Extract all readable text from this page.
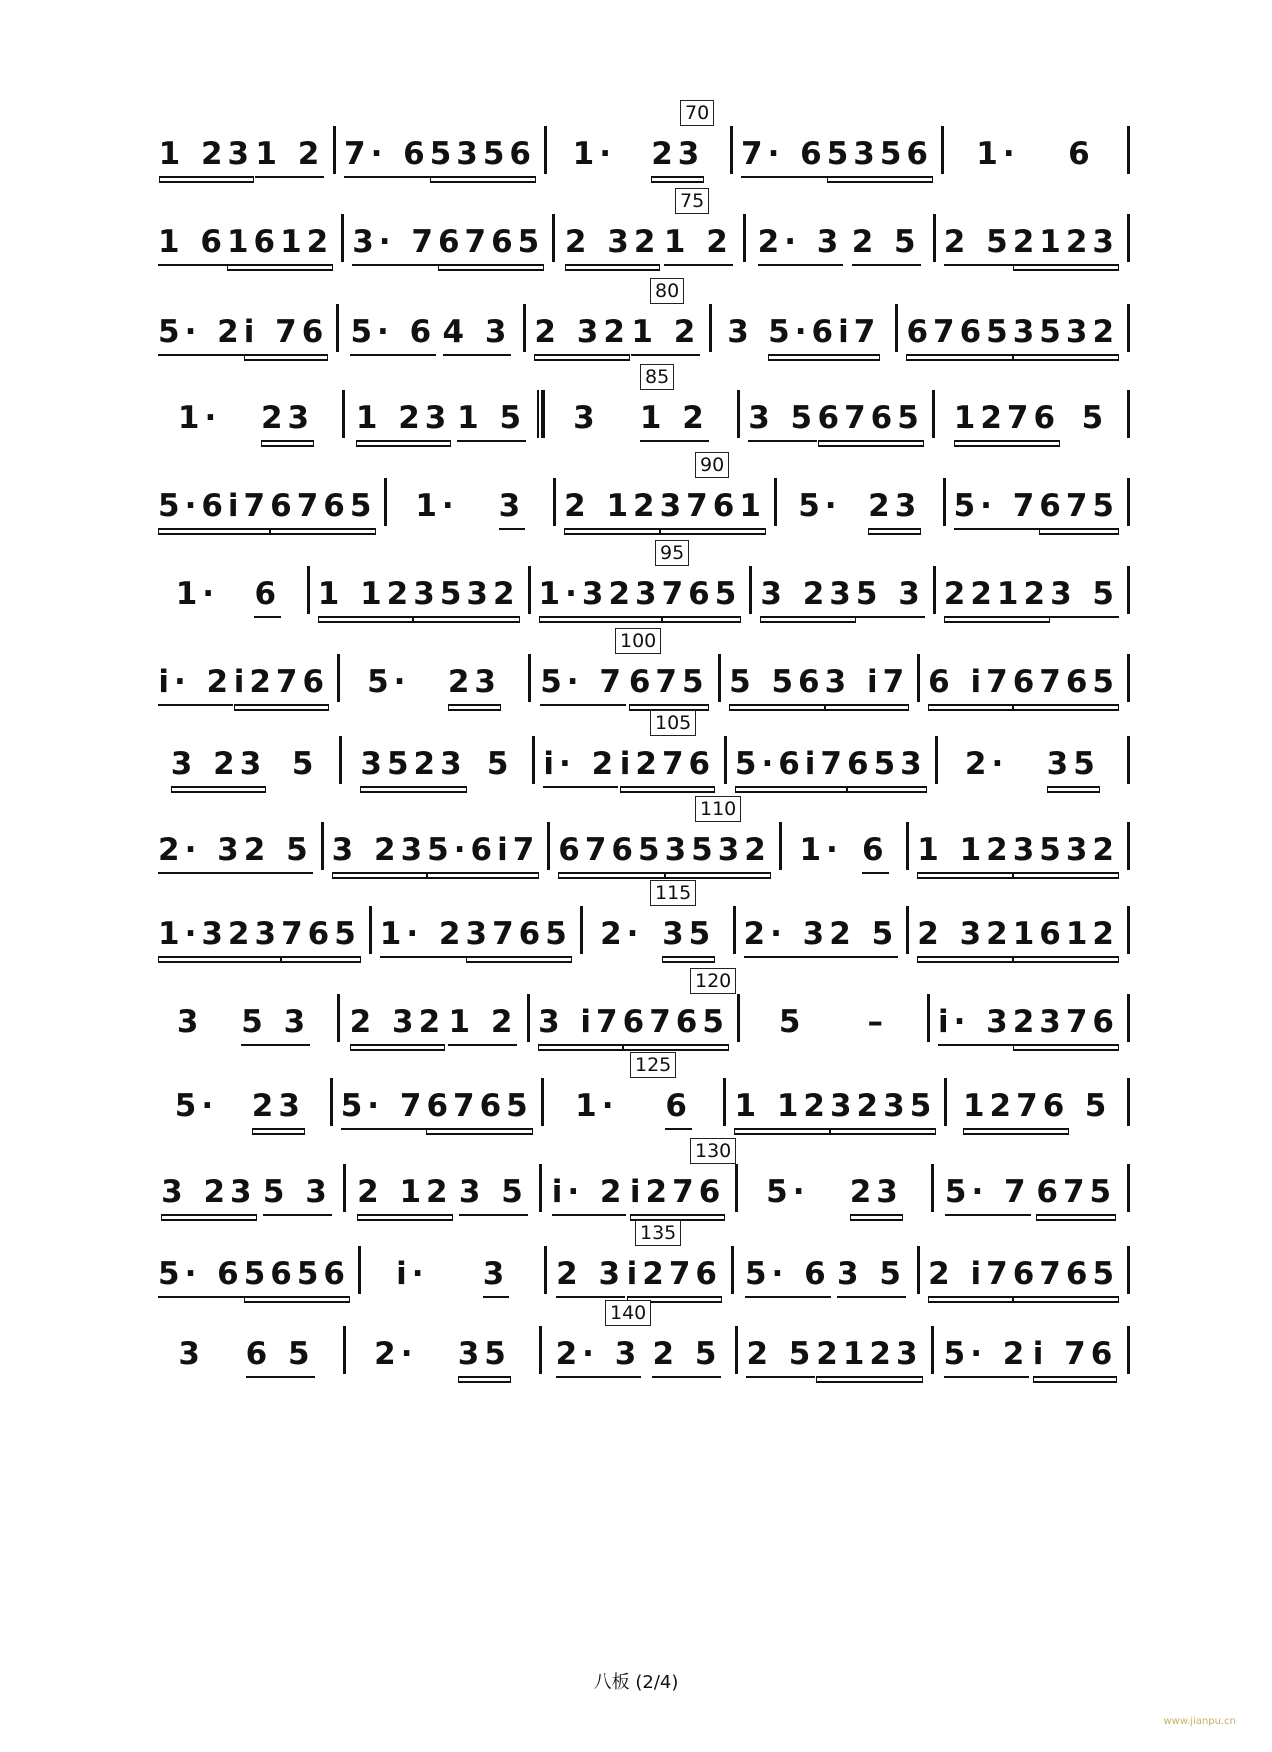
70
1 23 1 2 7· 6 5356 1· 23 7· 6 5356 1· 6
75
1 6 1612 3· 7 6765 2 32 1 2 2· 3 2 5 2 5 2123
80
5· 2 i 76 5· 6 4 3 2 32 1 2 3 5·6i7 6765 3532
85
1· 23 1 23 1 5 3 1 2 3 5 6765 1276 5
90
5·6i7 6765 1· 3 2 12 3761 5· 23 5· 7 675
95
1· 6 1 12 3532 1·323 765 3 23 5 3 2212 3 5
100
i· 2 i276 5· 23 5· 7 675 5 56 3 i7 6 i7 6765
105
3 23 5 3523 5 i· 2 i276 5·6i7 653 2· 35
110
2· 3 2 5 3 23 5·6i7 6765 3532 1· 6 1 12 3532
115
1·323 765 1· 2 3765 2· 35 2· 3 2 5 2 32 1612
120
3 5 3 2 32 1 2 3 i7 6765 5 – i· 3 2376
125
5· 23 5· 7 6765 1· 6 1 12 3235 1276 5
130
3 23 5 3 2 12 3 5 i· 2 i276 5· 23 5· 7 675
135
5· 6 5656 i· 3 2 3 i276 5· 6 3 5 2 i7 6765
140
3 6 5 2· 35 2· 3 2 5 2 5 2123 5· 2 i 76
八板 (2/4)
www.jianpu.cn
